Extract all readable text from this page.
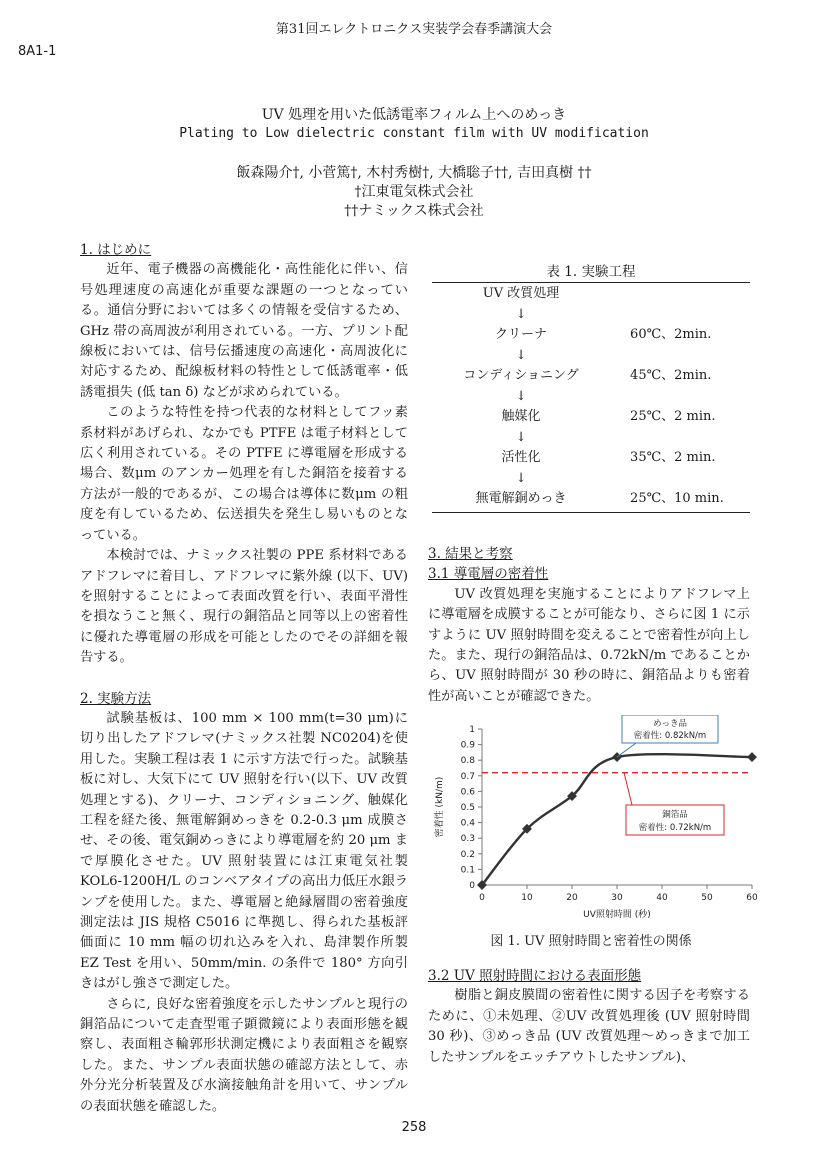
第31回エレクトロニクス実装学会春季講演大会
8A1-1
UV 処理を用いた低誘電率フィルム上へのめっき
Plating to Low dielectric constant film with UV modification
飯森陽介†, 小菅篤†, 木村秀樹†, 大橋聡子††, 吉田真樹 ††
†江東電気株式会社
††ナミックス株式会社

1. はじめに

近年、電子機器の高機能化・高性能化に伴い、信号処理速度の高速化が重要な課題の一つとなっている。通信分野においては多くの情報を受信するため、GHz 帯の高周波が利用されている。一方、プリント配線板においては、信号伝播速度の高速化・高周波化に対応するため、配線板材料の特性として低誘電率・低誘電損失 (低 tan δ) などが求められている。

このような特性を持つ代表的な材料としてフッ素系材料があげられ、なかでも PTFE は電子材料として広く利用されている。その PTFE に導電層を形成する場合、数μm のアンカー処理を有した銅箔を接着する方法が一般的であるが、この場合は導体に数μm の粗度を有しているため、伝送損失を発生し易いものとなっている。

本検討では、ナミックス社製の PPE 系材料であるアドフレマに着目し、アドフレマに紫外線 (以下、UV) を照射することによって表面改質を行い、表面平滑性を損なうこと無く、現行の銅箔品と同等以上の密着性に優れた導電層の形成を可能としたのでその詳細を報告する。

2. 実験方法

試験基板は、100 mm × 100 mm(t=30 μm)に切り出したアドフレマ(ナミックス社製 NC0204)を使用した。実験工程は表 1 に示す方法で行った。試験基板に対し、大気下にて UV 照射を行い(以下、UV 改質処理とする)、クリーナ、コンディショニング、触媒化工程を経た後、無電解銅めっきを 0.2-0.3 μm 成膜させ、その後、電気銅めっきにより導電層を約 20 μm まで厚膜化させた。UV 照射装置には江東電気社製 KOL6-1200H/L のコンベアタイプの高出力低圧水銀ランプを使用した。また、導電層と絶縁層間の密着強度測定法は JIS 規格 C5016 に準拠し、得られた基板評価面に 10 mm 幅の切れ込みを入れ、島津製作所製 EZ Test を用い、50mm/min. の条件で 180° 方向引きはがし強さで測定した。

さらに, 良好な密着強度を示したサンプルと現行の銅箔品について走査型電子顕微鏡により表面形態を観察し、表面粗さ輪郭形状測定機により表面粗さを観察した。また、サンプル表面状態の確認方法として、赤外分光分析装置及び水滴接触角計を用いて、サンプルの表面状態を確認した。

表 1. 実験工程
UV 改質処理
↓
クリーナ	60℃、2min.
↓
コンディショニング	45℃、2min.
↓
触媒化	25℃、2 min.
↓
活性化	35℃、2 min.
↓
無電解銅めっき	25℃、10 min.

3. 結果と考察

3.1 導電層の密着性

UV 改質処理を実施することによりアドフレマ上に導電層を成膜することが可能なり、さらに図 1 に示すように UV 照射時間を変えることで密着性が向上した。また、現行の銅箔品は、0.72kN/m であることから、UV 照射時間が 30 秒の時に、銅箔品よりも密着性が高いことが確認できた。

0
0.1
0.2
0.3
0.4
0.5
0.6
0.7
0.8
0.9
1
0	10	20	30	40	50	60
UV照射時間 (秒)
密着性 (kN/m)
めっき品
密着性: 0.82kN/m
銅箔品
密着性: 0.72kN/m
図 1. UV 照射時間と密着性の関係

3.2 UV 照射時間における表面形態

樹脂と銅皮膜間の密着性に関する因子を考察するために、①未処理、②UV 改質処理後 (UV 照射時間 30 秒)、③めっき品 (UV 改質処理～めっきまで加工したサンプルをエッチアウトしたサンプル)、

258
